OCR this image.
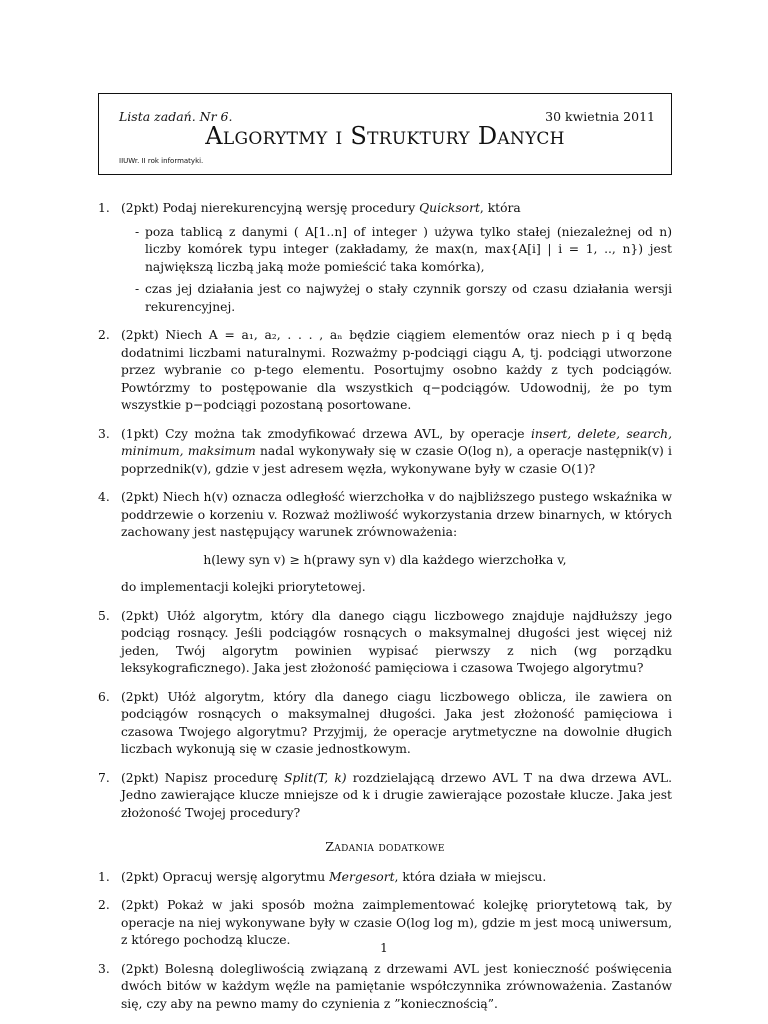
Lista zadań. Nr 6.	30 kwietnia 2011
Algorytmy i Struktury Danych
IIUWr. II rok informatyki.
1. (2pkt) Podaj nierekurencyjną wersję procedury Quicksort, która
- poza tablicą z danymi ( A[1..n] of integer ) używa tylko stałej (niezależnej od n) liczby komórek typu integer (zakładamy, że max(n, max{A[i] | i = 1, .., n}) jest największą liczbą jaką może pomieścić taka komórka),
- czas jej działania jest co najwyżej o stały czynnik gorszy od czasu działania wersji rekurencyjnej.
2. (2pkt) Niech A = a₁, a₂, . . . , aₙ będzie ciągiem elementów oraz niech p i q będą dodatnimi liczbami naturalnymi. Rozważmy p-podciągi ciągu A, tj. podciągi utworzone przez wybranie co p-tego elementu. Posortujmy osobno każdy z tych podciągów. Powtórzmy to postępowanie dla wszystkich q−podciągów. Udowodnij, że po tym wszystkie p−podciągi pozostaną posortowane.
3. (1pkt) Czy można tak zmodyfikować drzewa AVL, by operacje insert, delete, search, minimum, maksimum nadal wykonywały się w czasie O(log n), a operacje następnik(v) i poprzednik(v), gdzie v jest adresem węzła, wykonywane były w czasie O(1)?
4. (2pkt) Niech h(v) oznacza odległość wierzchołka v do najbliższego pustego wskaźnika w poddrzewie o korzeniu v. Rozważ możliwość wykorzystania drzew binarnych, w których zachowany jest następujący warunek zrównoważenia:
h(lewy syn v) ≥ h(prawy syn v) dla każdego wierzchołka v,
do implementacji kolejki priorytetowej.
5. (2pkt) Ułóż algorytm, który dla danego ciągu liczbowego znajduje najdłuższy jego podciąg rosnący. Jeśli podciągów rosnących o maksymalnej długości jest więcej niż jeden, Twój algorytm powinien wypisać pierwszy z nich (wg porządku leksykograficznego). Jaka jest złożoność pamięciowa i czasowa Twojego algorytmu?
6. (2pkt) Ułóż algorytm, który dla danego ciagu liczbowego oblicza, ile zawiera on podciągów rosnących o maksymalnej długości. Jaka jest złożoność pamięciowa i czasowa Twojego algorytmu? Przyjmij, że operacje arytmetyczne na dowolnie długich liczbach wykonują się w czasie jednostkowym.
7. (2pkt) Napisz procedurę Split(T, k) rozdzielającą drzewo AVL T na dwa drzewa AVL. Jedno zawierające klucze mniejsze od k i drugie zawierające pozostałe klucze. Jaka jest złożoność Twojej procedury?
Zadania dodatkowe
1. (2pkt) Opracuj wersję algorytmu Mergesort, która działa w miejscu.
2. (2pkt) Pokaż w jaki sposób można zaimplementować kolejkę priorytetową tak, by operacje na niej wykonywane były w czasie O(log log m), gdzie m jest mocą uniwersum, z którego pochodzą klucze.
3. (2pkt) Bolesną dolegliwością związaną z drzewami AVL jest konieczność poświęcenia dwóch bitów w każdym węźle na pamiętanie współczynnika zrównoważenia. Zastanów się, czy aby na pewno mamy do czynienia z ”koniecznością”.
1
